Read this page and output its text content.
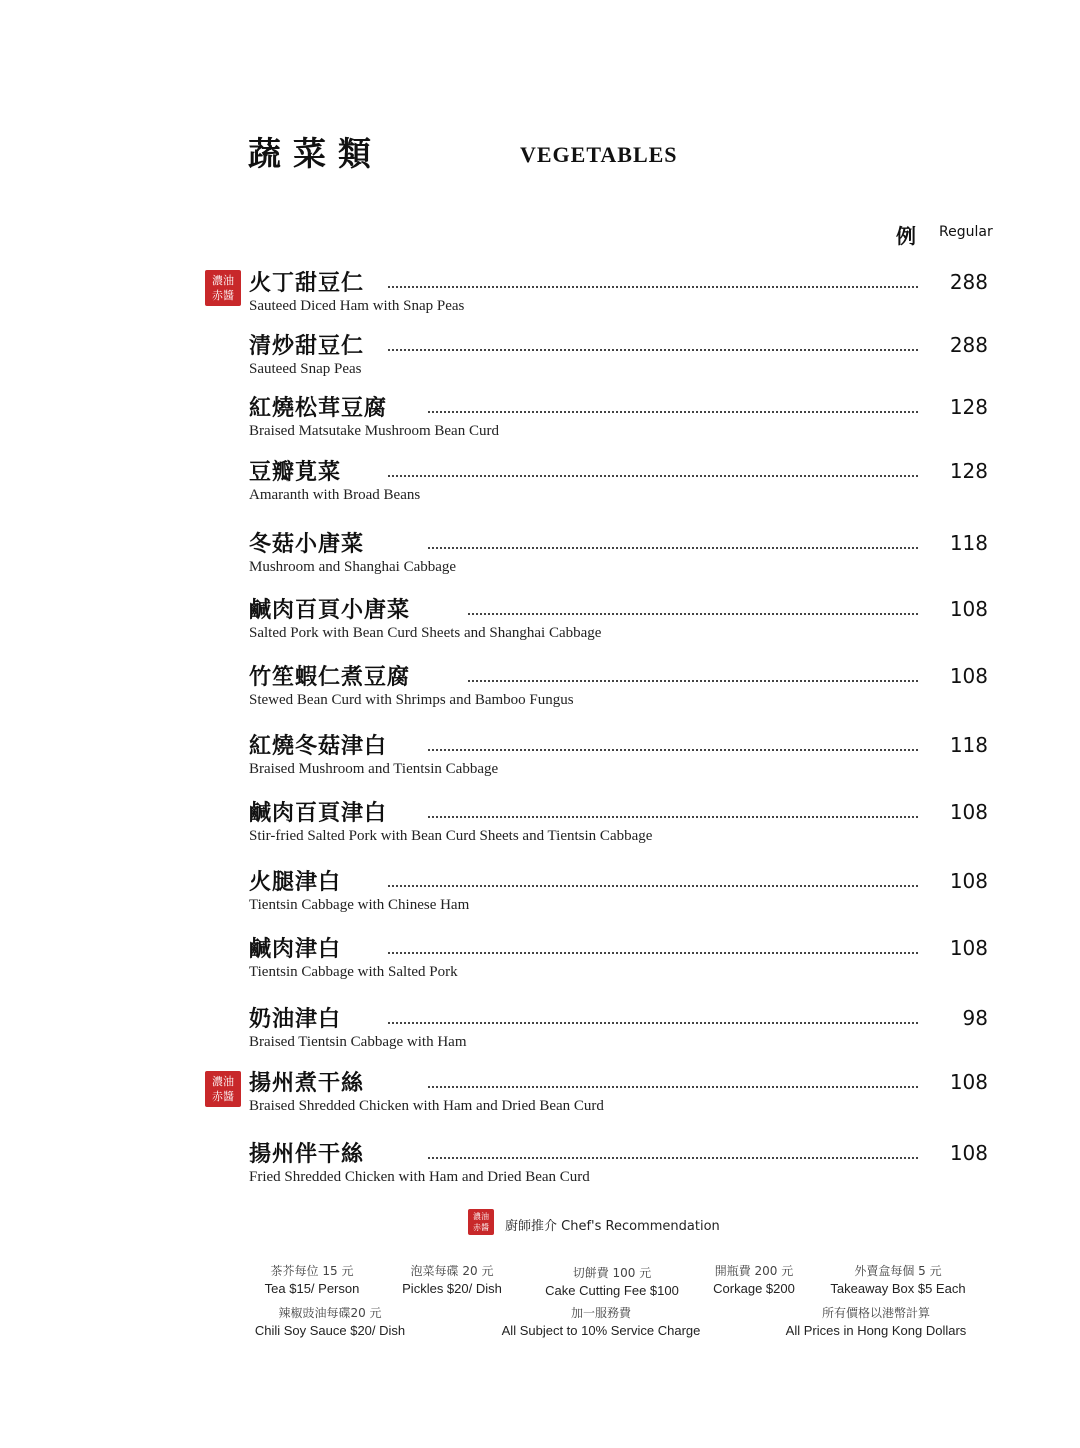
蔬菜類	VEGETABLES
例 Regular
濃油
赤醬
濃油
赤醬
火丁甜豆仁	288
Sauteed Diced Ham with Snap Peas
清炒甜豆仁	288
Sauteed Snap Peas
紅燒松茸豆腐	128
Braised Matsutake Mushroom Bean Curd
豆瓣莧菜	128
Amaranth with Broad Beans
冬菇小唐菜	118
Mushroom and Shanghai Cabbage
鹹肉百頁小唐菜	108
Salted Pork with Bean Curd Sheets and Shanghai Cabbage
竹笙蝦仁煮豆腐	108
Stewed Bean Curd with Shrimps and Bamboo Fungus
紅燒冬菇津白	118
Braised Mushroom and Tientsin Cabbage
鹹肉百頁津白	108
Stir-fried Salted Pork with Bean Curd Sheets and Tientsin Cabbage
火腿津白	108
Tientsin Cabbage with Chinese Ham
鹹肉津白	108
Tientsin Cabbage with Salted Pork
奶油津白	98
Braised Tientsin Cabbage with Ham
揚州煮干絲	108
Braised Shredded Chicken with Ham and Dried Bean Curd
揚州伴干絲	108
Fried Shredded Chicken with Ham and Dried Bean Curd
濃油
赤醬	廚師推介 Chef's Recommendation
茶芥每位 15 元
Tea $15/ Person
泡菜每碟 20 元
Pickles $20/ Dish
切餅費 100 元
Cake Cutting Fee $100
開瓶費 200 元
Corkage $200
外賣盒每個 5 元
Takeaway Box $5 Each
辣椒豉油每碟20 元
Chili Soy Sauce $20/ Dish
加一服務費
All Subject to 10% Service Charge
所有價格以港幣計算
All Prices in Hong Kong Dollars
